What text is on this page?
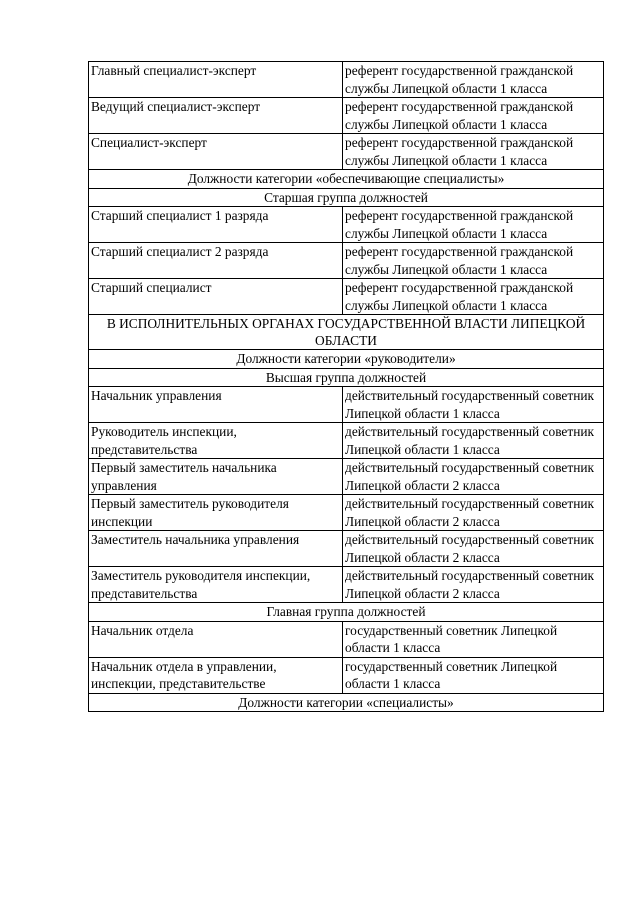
Главный специалист-эксперт	референт государственной гражданской службы Липецкой области 1 класса
Ведущий специалист-эксперт	референт государственной гражданской службы Липецкой области 1 класса
Специалист-эксперт	референт государственной гражданской службы Липецкой области 1 класса
Должности категории «обеспечивающие специалисты»	
Старшая группа должностей	
Старший специалист 1 разряда	референт государственной гражданской службы Липецкой области 1 класса
Старший специалист 2 разряда	референт государственной гражданской службы Липецкой области 1 класса
Старший специалист	референт государственной гражданской службы Липецкой области 1 класса
В ИСПОЛНИТЕЛЬНЫХ ОРГАНАХ ГОСУДАРСТВЕННОЙ ВЛАСТИ ЛИПЕЦКОЙ ОБЛАСТИ	
Должности категории «руководители»	
Высшая группа должностей	
Начальник управления	действительный государственный советник Липецкой области 1 класса
Руководитель инспекции, представительства	действительный государственный советник Липецкой области 1 класса
Первый заместитель начальника управления	действительный государственный советник Липецкой области 2 класса
Первый заместитель руководителя инспекции	действительный государственный советник Липецкой области 2 класса
Заместитель начальника управления	действительный государственный советник Липецкой области 2 класса
Заместитель руководителя инспекции, представительства	действительный государственный советник Липецкой области 2 класса
Главная группа должностей	
Начальник отдела	государственный советник Липецкой области 1 класса
Начальник отдела в управлении, инспекции, представительстве	государственный советник Липецкой области 1 класса
Должности категории «специалисты»	
